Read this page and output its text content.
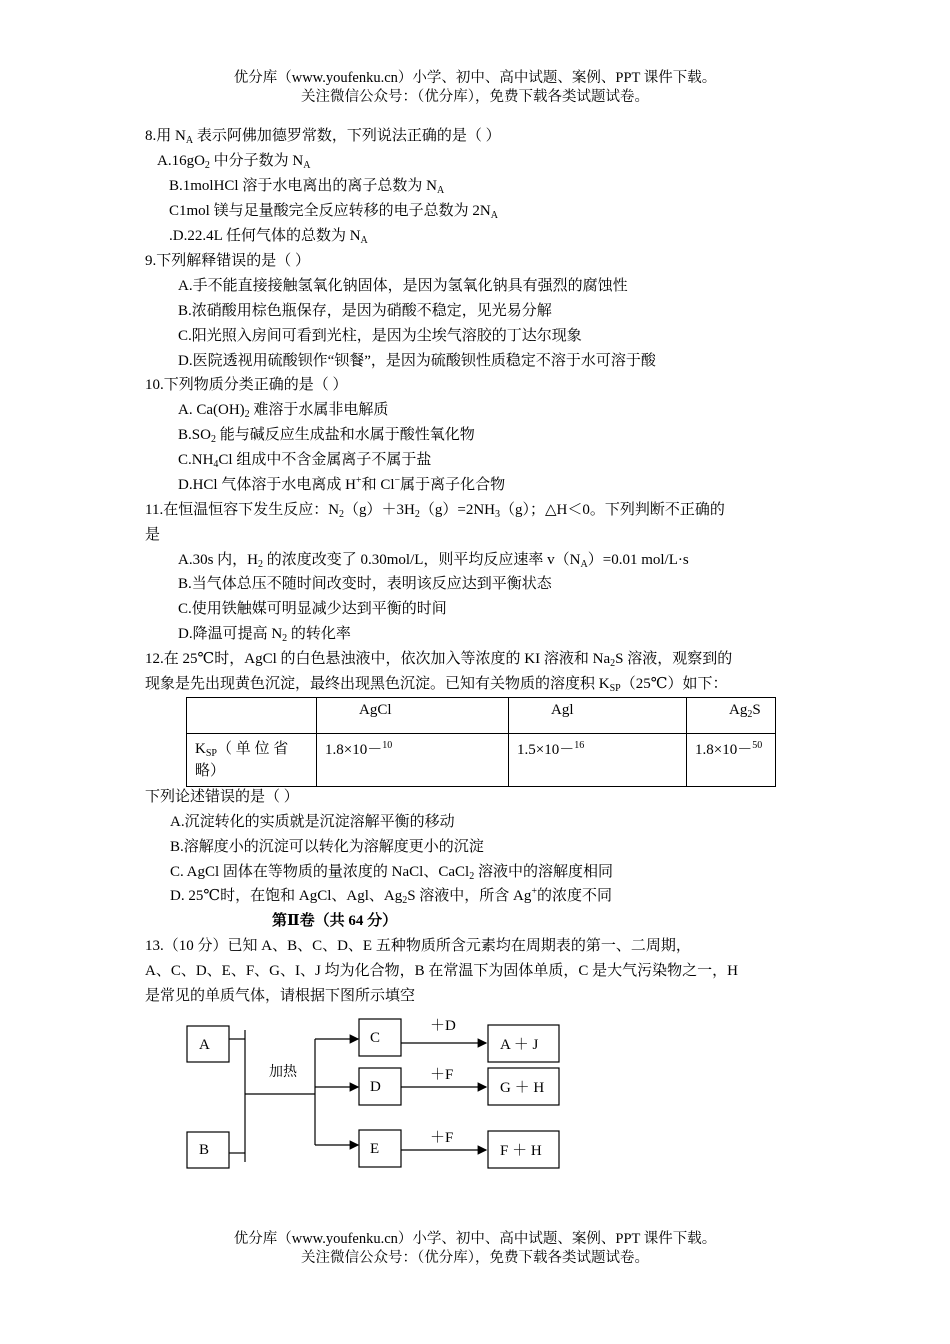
优分库（www.youfenku.cn）小学、初中、高中试题、案例、PPT 课件下载。
关注微信公众号：（优分库），免费下载各类试题试卷。
8.用 $N_A$ 表示阿佛加德罗常数，下列说法正确的是（ ）
$A.16gO_2$ 中分子数为 $N_A$
B.1molHCl 溶于水电离出的离子总数为 $N_A$
C1mol 镁与足量酸完全反应转移的电子总数为 $2N_A$
.D.22.4L 任何气体的总数为 $N_A$
9.下列解释错误的是（ ）
A.手不能直接接触氢氧化钠固体，是因为氢氧化钠具有强烈的腐蚀性
B.浓硝酸用棕色瓶保存，是因为硝酸不稳定，见光易分解
C.阳光照入房间可看到光柱，是因为尘埃气溶胶的丁达尔现象
D.医院透视用硫酸钡作“钡餐”，是因为硫酸钡性质稳定不溶于水可溶于酸
10.下列物质分类正确的是（ ）
A. $Ca(OH)_2$ 难溶于水属非电解质
$B.SO_2$ 能与碱反应生成盐和水属于酸性氧化物
$C.NH_4Cl$ 组成中不含金属离子不属于盐
D.HCl 气体溶于水电离成 H+和 Cl−属于离子化合物
11.在恒温恒容下发生反应：$N_2(g)+3H_2(g)=2NH_3(g)$；△H＜0。下列判断不正确的
是
A.30s 内，$H_2$ 的浓度改变了 0.30mol/L，则平均反应速率 $v(N_A)=0.01$ mol/L·s
B.当气体总压不随时间改变时，表明该反应达到平衡状态
C.使用铁触媒可明显减少达到平衡的时间
D.降温可提高 $N_2$ 的转化率
12.在 25℃时，AgCl 的白色悬浊液中，依次加入等浓度的 KI 溶液和 $Na_2S$ 溶液，观察到的
现象是先出现黄色沉淀，最终出现黑色沉淀。已知有关物质的溶度积 $K_{SP}(25℃)$如下：
	AgCl	Agl	$Ag_2S$
$K_{SP}$（ 单 位 省
略）	1.8×10－$^{10}$	1.5×10－$^{16}$	1.8×10－$^{50}$
下列论述错误的是（ ）
A.沉淀转化的实质就是沉淀溶解平衡的移动
B.溶解度小的沉淀可以转化为溶解度更小的沉淀
C. AgCl 固体在等物质的量浓度的 NaCl、CaCl$_2$ 溶液中的溶解度相同
D. 25℃时，在饱和 AgCl、Agl、$Ag_2S$ 溶液中，所含 Ag+的浓度不同
第Ⅱ卷（共 64 分）
13.（10 分）已知 A、B、C、D、E 五种物质所含元素均在周期表的第一、二周期，
A、C、D、E、F、G、I、J 均为化合物，B 在常温下为固体单质，C 是大气污染物之一，H
是常见的单质气体，请根据下图所示填空
A
B
加热
C
D
E
＋D
＋F
＋F
A ＋ J
G ＋ H
F ＋ H
优分库（www.youfenku.cn）小学、初中、高中试题、案例、PPT 课件下载。
关注微信公众号：（优分库），免费下载各类试题试卷。
